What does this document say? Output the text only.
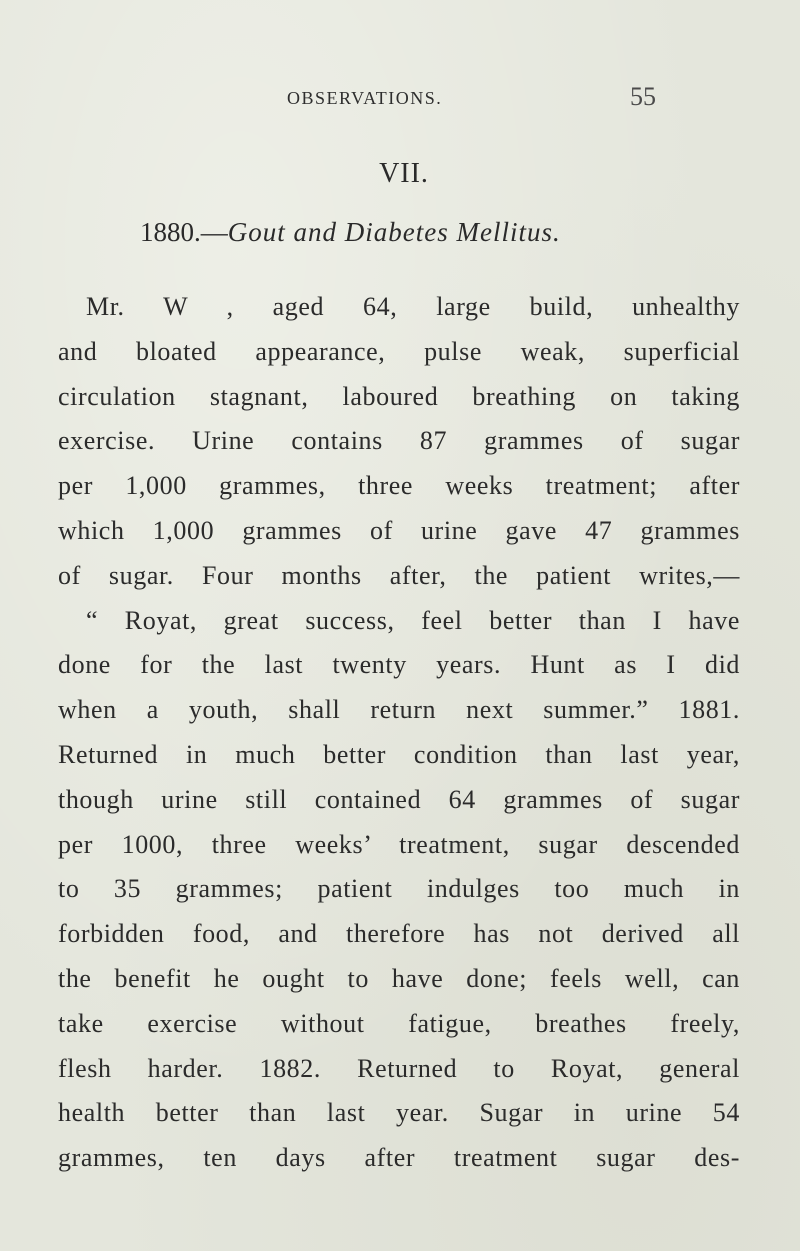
OBSERVATIONS.	55
VII.
1880.—Gout and Diabetes Mellitus.
Mr. W , aged 64, large build, unhealthy
and bloated appearance, pulse weak, superficial
circulation stagnant, laboured breathing on taking
exercise. Urine contains 87 grammes of sugar
per 1,000 grammes, three weeks treatment; after
which 1,000 grammes of urine gave 47 grammes
of sugar. Four months after, the patient writes,—
“ Royat, great success, feel better than I have
done for the last twenty years. Hunt as I did
when a youth, shall return next summer.” 1881.
Returned in much better condition than last year,
though urine still contained 64 grammes of sugar
per 1000, three weeks’ treatment, sugar descended
to 35 grammes; patient indulges too much in
forbidden food, and therefore has not derived all
the benefit he ought to have done; feels well, can
take exercise without fatigue, breathes freely,
flesh harder. 1882. Returned to Royat, general
health better than last year. Sugar in urine 54
grammes, ten days after treatment sugar des-
